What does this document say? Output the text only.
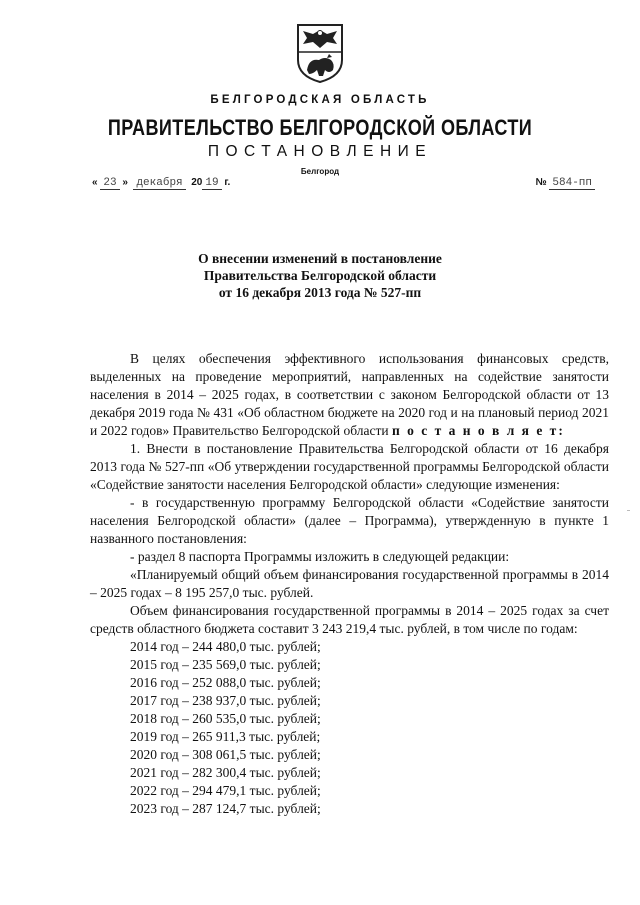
БЕЛГОРОДСКАЯ ОБЛАСТЬ
ПРАВИТЕЛЬСТВО БЕЛГОРОДСКОЙ ОБЛАСТИ
ПОСТАНОВЛЕНИЕ
Белгород
« 23 » декабря 20 19 г.	№ 584-пп
О внесении изменений в постановление
Правительства Белгородской области
от 16 декабря 2013 года № 527-пп

В целях обеспечения эффективного использования финансовых средств, выделенных на проведение мероприятий, направленных на содействие занятости населения в 2014 – 2025 годах, в соответствии с законом Белгородской области от 13 декабря 2019 года № 431 «Об областном бюджете на 2020 год и на плановый период 2021 и 2022 годов» Правительство Белгородской области п о с т а н о в л я е т:

1. Внести в постановление Правительства Белгородской области от 16 декабря 2013 года № 527-пп «Об утверждении государственной программы Белгородской области «Содействие занятости населения Белгородской области» следующие изменения:

- в государственную программу Белгородской области «Содействие занятости населения Белгородской области» (далее – Программа), утвержденную в пункте 1 названного постановления:

- раздел 8 паспорта Программы изложить в следующей редакции:

«Планируемый общий объем финансирования государственной программы в 2014 – 2025 годах – 8 195 257,0 тыс. рублей.

Объем финансирования государственной программы в 2014 – 2025 годах за счет средств областного бюджета составит 3 243 219,4 тыс. рублей, в том числе по годам:

2014 год – 244 480,0 тыс. рублей;

2015 год – 235 569,0 тыс. рублей;

2016 год – 252 088,0 тыс. рублей;

2017 год – 238 937,0 тыс. рублей;

2018 год – 260 535,0 тыс. рублей;

2019 год – 265 911,3 тыс. рублей;

2020 год – 308 061,5 тыс. рублей;

2021 год – 282 300,4 тыс. рублей;

2022 год – 294 479,1 тыс. рублей;

2023 год – 287 124,7 тыс. рублей;
